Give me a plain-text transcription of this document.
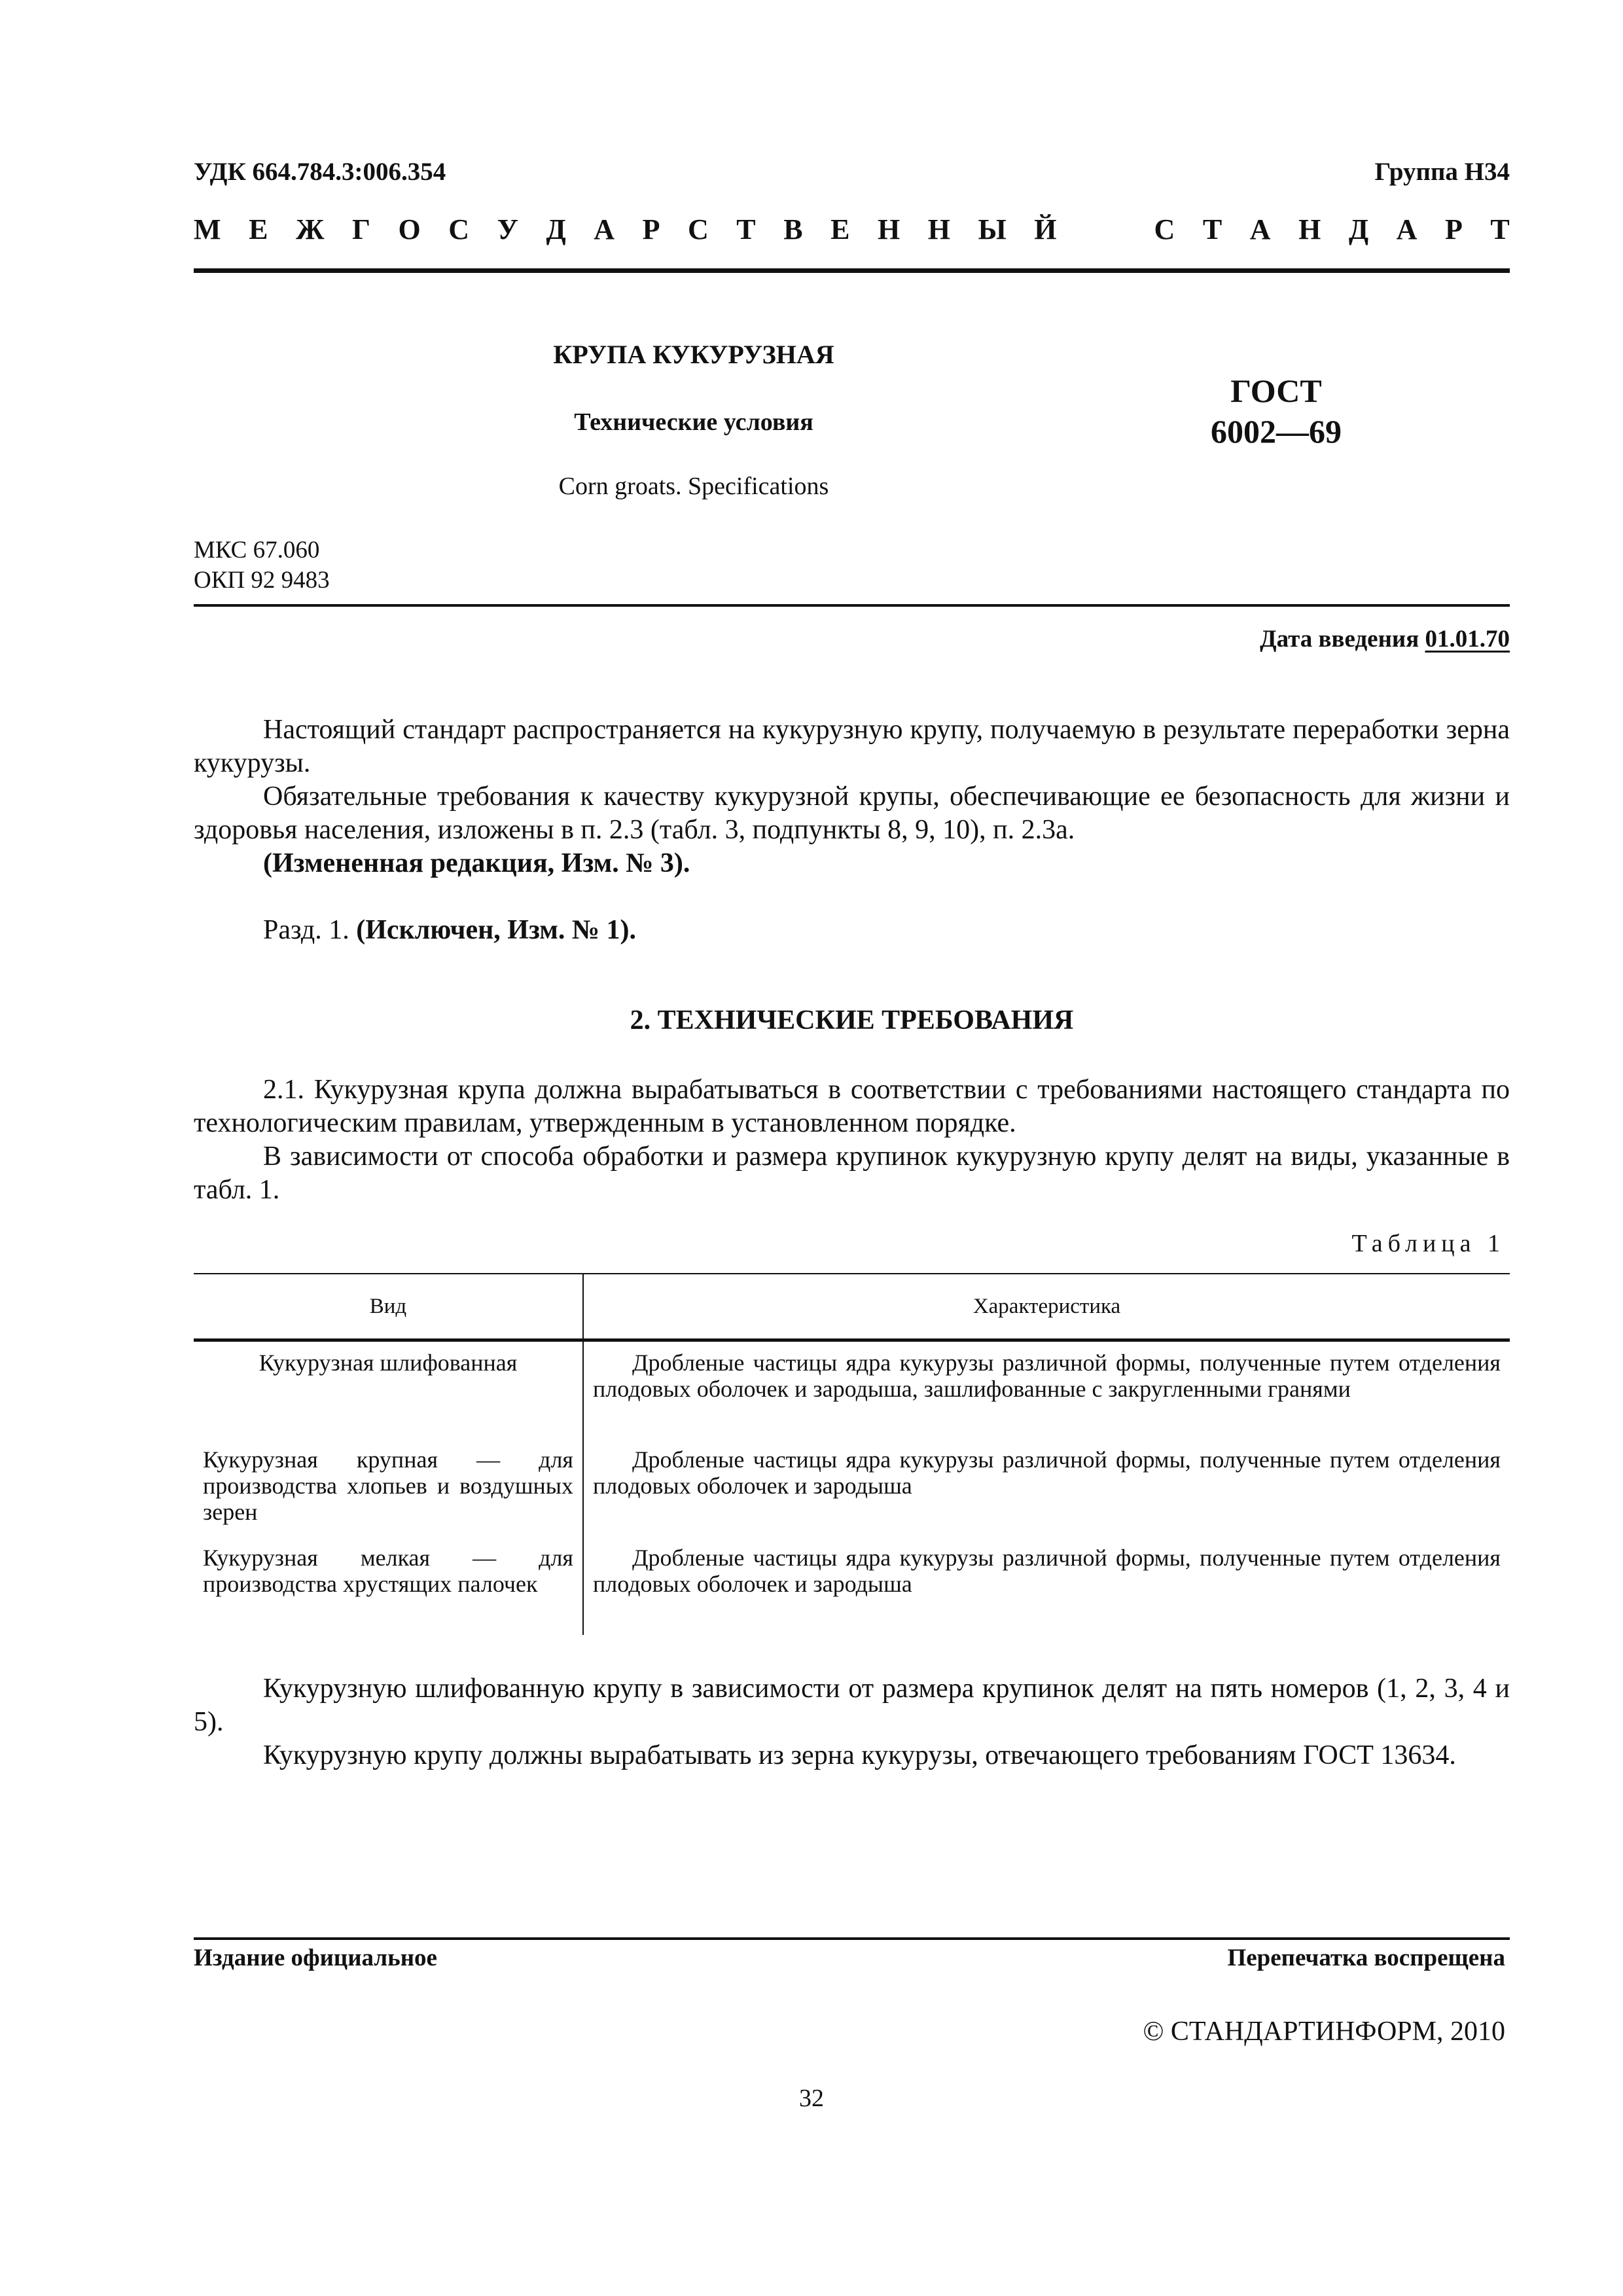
УДК 664.784.3:006.354	Группа Н34
М Е Ж Г О С У Д А Р С Т В Е Н Н Ы Й	С Т А Н Д А Р Т
КРУПА КУКУРУЗНАЯ
Технические условия
Corn groats. Specifications
ГОСТ
6002—69
МКС 67.060
ОКП 92 9483
Дата введения 01.01.70
Настоящий стандарт распространяется на кукурузную крупу, получаемую в результате переработки зерна кукурузы.
Обязательные требования к качеству кукурузной крупы, обеспечивающие ее безопасность для жизни и здоровья населения, изложены в п. 2.3 (табл. 3, подпункты 8, 9, 10), п. 2.3а.
(Измененная редакция, Изм. № 3).
Разд. 1. (Исключен, Изм. № 1).
2. ТЕХНИЧЕСКИЕ ТРЕБОВАНИЯ
2.1. Кукурузная крупа должна вырабатываться в соответствии с требованиями настоящего стандарта по технологическим правилам, утвержденным в установленном порядке.
В зависимости от способа обработки и размера крупинок кукурузную крупу делят на виды, указанные в табл. 1.
Таблица 1
Вид	Характеристика
Кукурузная шлифованная	Дробленые частицы ядра кукурузы различной формы, полученные путем отделения плодовых оболочек и зародыша, зашлифованные с закругленными гранями
Кукурузная крупная — для производства хлопьев и воздушных зерен	Дробленые частицы ядра кукурузы различной формы, полученные путем отделения плодовых оболочек и зародыша
Кукурузная мелкая — для производства хрустящих палочек	Дробленые частицы ядра кукурузы различной формы, полученные путем отделения плодовых оболочек и зародыша
Кукурузную шлифованную крупу в зависимости от размера крупинок делят на пять номеров (1, 2, 3, 4 и 5).
Кукурузную крупу должны вырабатывать из зерна кукурузы, отвечающего требованиям ГОСТ 13634.
Издание официальное	Перепечатка воспрещена
© СТАНДАРТИНФОРМ, 2010
32
